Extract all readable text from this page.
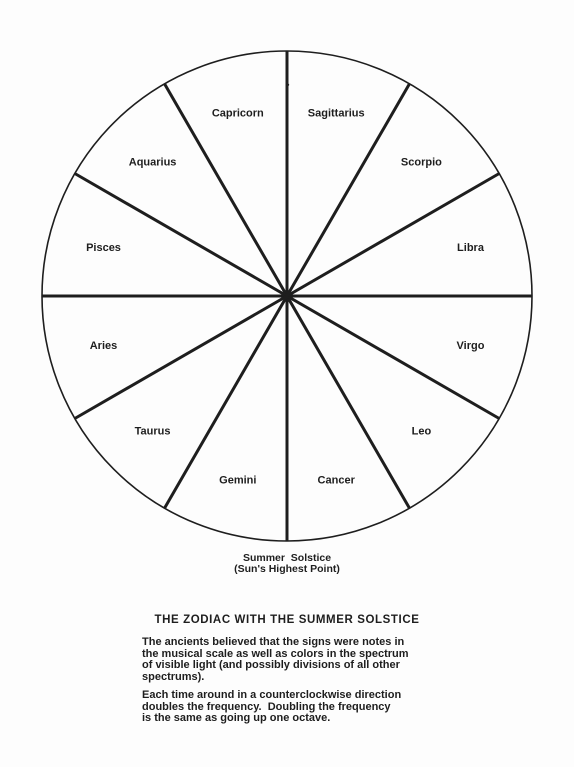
Sagittarius
Scorpio
Libra
Virgo
Leo
Cancer
Gemini
Taurus
Aries
Pisces
Aquarius
Capricorn
•
Summer  Solstice
(Sun's Highest Point)
THE ZODIAC WITH THE SUMMER SOLSTICE
The ancients believed that the signs were notes in
the musical scale as well as colors in the spectrum
of visible light (and possibly divisions of all other
spectrums).
Each time around in a counterclockwise direction
doubles the frequency.  Doubling the frequency
is the same as going up one octave.
